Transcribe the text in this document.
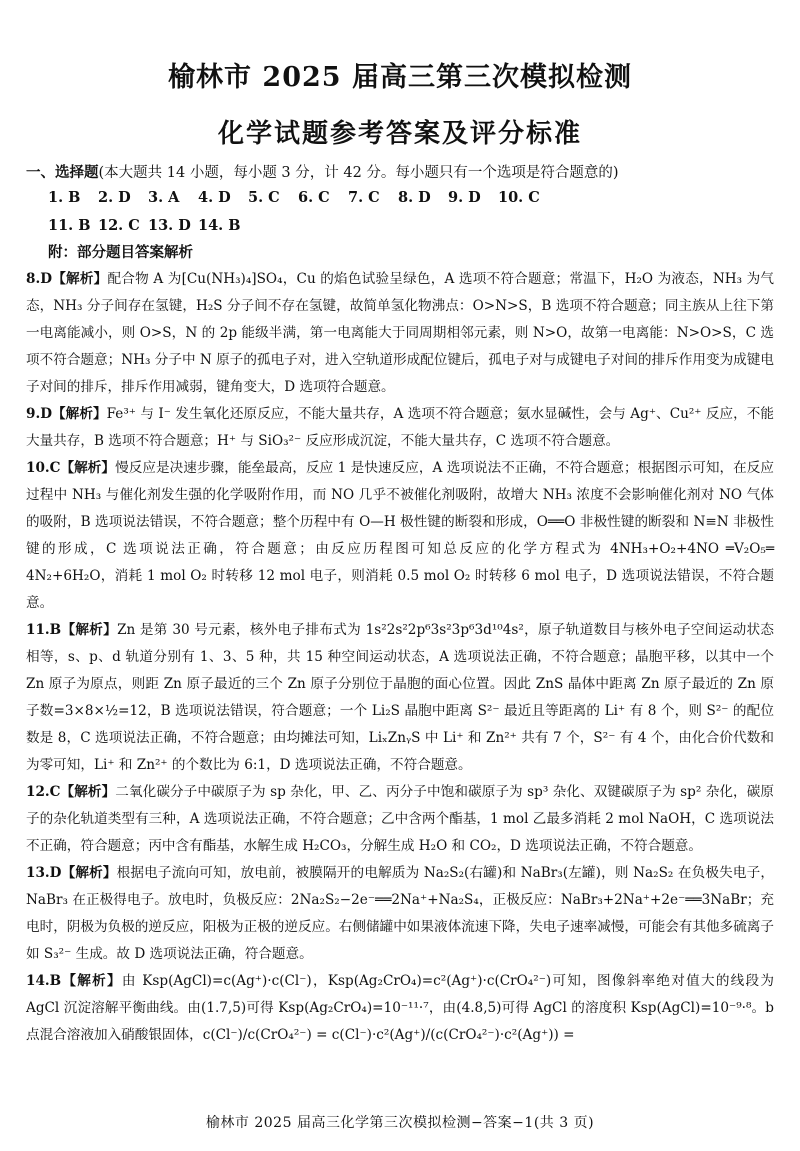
榆林市 2025 届高三第三次模拟检测
化学试题参考答案及评分标准
一、选择题(本大题共 14 小题，每小题 3 分，计 42 分。每小题只有一个选项是符合题意的)
1. B	2. D	3. A	4. D	5. C	6. C	7. C	8. D	9. D	10. C
11. B 12. C 13. D 14. B
附：部分题目答案解析

8.D【解析】配合物 A 为[Cu(NH₃)₄]SO₄，Cu 的焰色试验呈绿色，A 选项不符合题意；常温下，H₂O 为液态，NH₃ 为气态，NH₃ 分子间存在氢键，H₂S 分子间不存在氢键，故简单氢化物沸点：O>N>S，B 选项不符合题意；同主族从上往下第一电离能减小，则 O>S，N 的 2p 能级半满，第一电离能大于同周期相邻元素，则 N>O，故第一电离能：N>O>S，C 选项不符合题意；NH₃ 分子中 N 原子的孤电子对，进入空轨道形成配位键后，孤电子对与成键电子对间的排斥作用变为成键电子对间的排斥，排斥作用减弱，键角变大，D 选项符合题意。

9.D【解析】Fe³⁺ 与 I⁻ 发生氧化还原反应，不能大量共存，A 选项不符合题意；氨水显碱性，会与 Ag⁺、Cu²⁺ 反应，不能大量共存，B 选项不符合题意；H⁺ 与 SiO₃²⁻ 反应形成沉淀，不能大量共存，C 选项不符合题意。

10.C【解析】慢反应是决速步骤，能垒最高，反应 1 是快速反应，A 选项说法不正确，不符合题意；根据图示可知，在反应过程中 NH₃ 与催化剂发生强的化学吸附作用，而 NO 几乎不被催化剂吸附，故增大 NH₃ 浓度不会影响催化剂对 NO 气体的吸附，B 选项说法错误，不符合题意；整个历程中有 O—H 极性键的断裂和形成，O══O 非极性键的断裂和 N≡N 非极性键的形成，C 选项说法正确，符合题意；由反应历程图可知总反应的化学方程式为 4NH₃+O₂+4NO ═V₂O₅═ 4N₂+6H₂O，消耗 1 mol O₂ 时转移 12 mol 电子，则消耗 0.5 mol O₂ 时转移 6 mol 电子，D 选项说法错误，不符合题意。

11.B【解析】Zn 是第 30 号元素，核外电子排布式为 1s²2s²2p⁶3s²3p⁶3d¹⁰4s²，原子轨道数目与核外电子空间运动状态相等，s、p、d 轨道分别有 1、3、5 种，共 15 种空间运动状态，A 选项说法正确，不符合题意；晶胞平移，以其中一个 Zn 原子为原点，则距 Zn 原子最近的三个 Zn 原子分别位于晶胞的面心位置。因此 ZnS 晶体中距离 Zn 原子最近的 Zn 原子数=3×8×½=12，B 选项说法错误，符合题意；一个 Li₂S 晶胞中距离 S²⁻ 最近且等距离的 Li⁺ 有 8 个，则 S²⁻ 的配位数是 8，C 选项说法正确，不符合题意；由均摊法可知，LiₓZnᵧS 中 Li⁺ 和 Zn²⁺ 共有 7 个，S²⁻ 有 4 个，由化合价代数和为零可知，Li⁺ 和 Zn²⁺ 的个数比为 6:1，D 选项说法正确，不符合题意。

12.C【解析】二氧化碳分子中碳原子为 sp 杂化，甲、乙、丙分子中饱和碳原子为 sp³ 杂化、双键碳原子为 sp² 杂化，碳原子的杂化轨道类型有三种，A 选项说法正确，不符合题意；乙中含两个酯基，1 mol 乙最多消耗 2 mol NaOH，C 选项说法不正确，符合题意；丙中含有酯基，水解生成 H₂CO₃，分解生成 H₂O 和 CO₂，D 选项说法正确，不符合题意。

13.D【解析】根据电子流向可知，放电前，被膜隔开的电解质为 Na₂S₂(右罐)和 NaBr₃(左罐)，则 Na₂S₂ 在负极失电子，NaBr₃ 在正极得电子。放电时，负极反应：2Na₂S₂−2e⁻══2Na⁺+Na₂S₄，正极反应：NaBr₃+2Na⁺+2e⁻══3NaBr；充电时，阴极为负极的逆反应，阳极为正极的逆反应。右侧储罐中如果液体流速下降，失电子速率减慢，可能会有其他多硫离子如 S₃²⁻ 生成。故 D 选项说法正确，符合题意。

14.B【解析】由 Ksp(AgCl)=c(Ag⁺)·c(Cl⁻)，Ksp(Ag₂CrO₄)=c²(Ag⁺)·c(CrO₄²⁻)可知，图像斜率绝对值大的线段为 AgCl 沉淀溶解平衡曲线。由(1.7,5)可得 Ksp(Ag₂CrO₄)=10⁻¹¹·⁷，由(4.8,5)可得 AgCl 的溶度积 Ksp(AgCl)=10⁻⁹·⁸。b 点混合溶液加入硝酸银固体，c(Cl⁻)/c(CrO₄²⁻) = c(Cl⁻)·c²(Ag⁺)/(c(CrO₄²⁻)·c²(Ag⁺)) =

榆林市 2025 届高三化学第三次模拟检测−答案−1(共 3 页)
